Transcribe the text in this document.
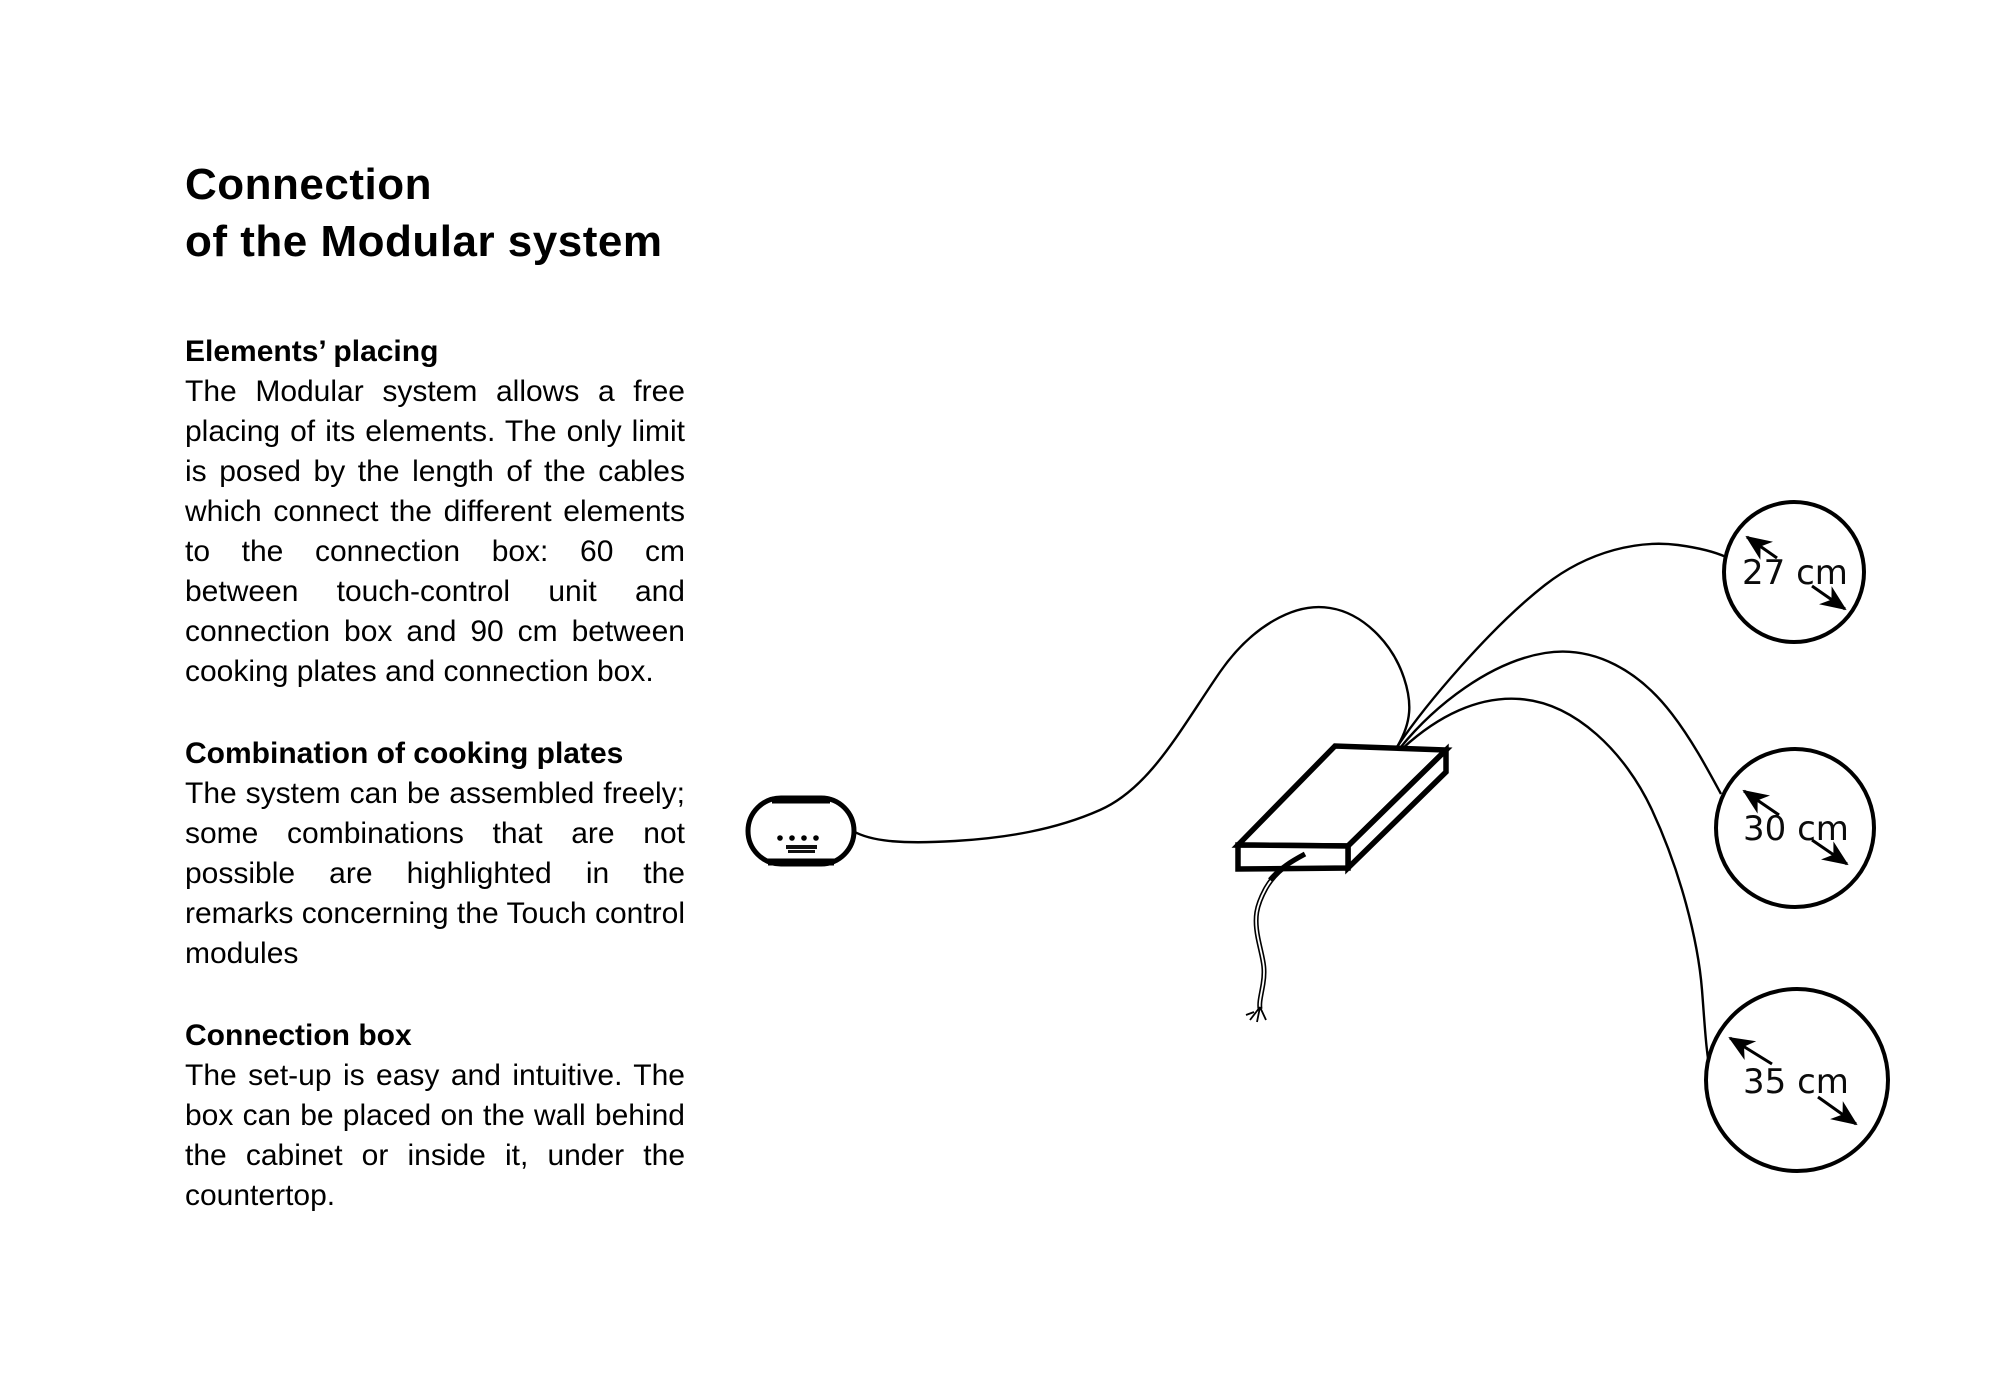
Connection
of the Modular system
Elements’ placing

The Modular system allows a free placing of its elements. The only limit is posed by the length of the cables which connect the different elements to the connection box: 60 cm between touch-control unit and connection box and 90 cm between cooking plates and connection box.

Combination of cooking plates

The system can be assembled freely; some combinations that are not possible are highlighted in the remarks concerning the Touch control modules

Connection box

The set-up is easy and intuitive. The box can be placed on the wall behind the cabinet or inside it, under the countertop.

27 cm
30 cm
35 cm
